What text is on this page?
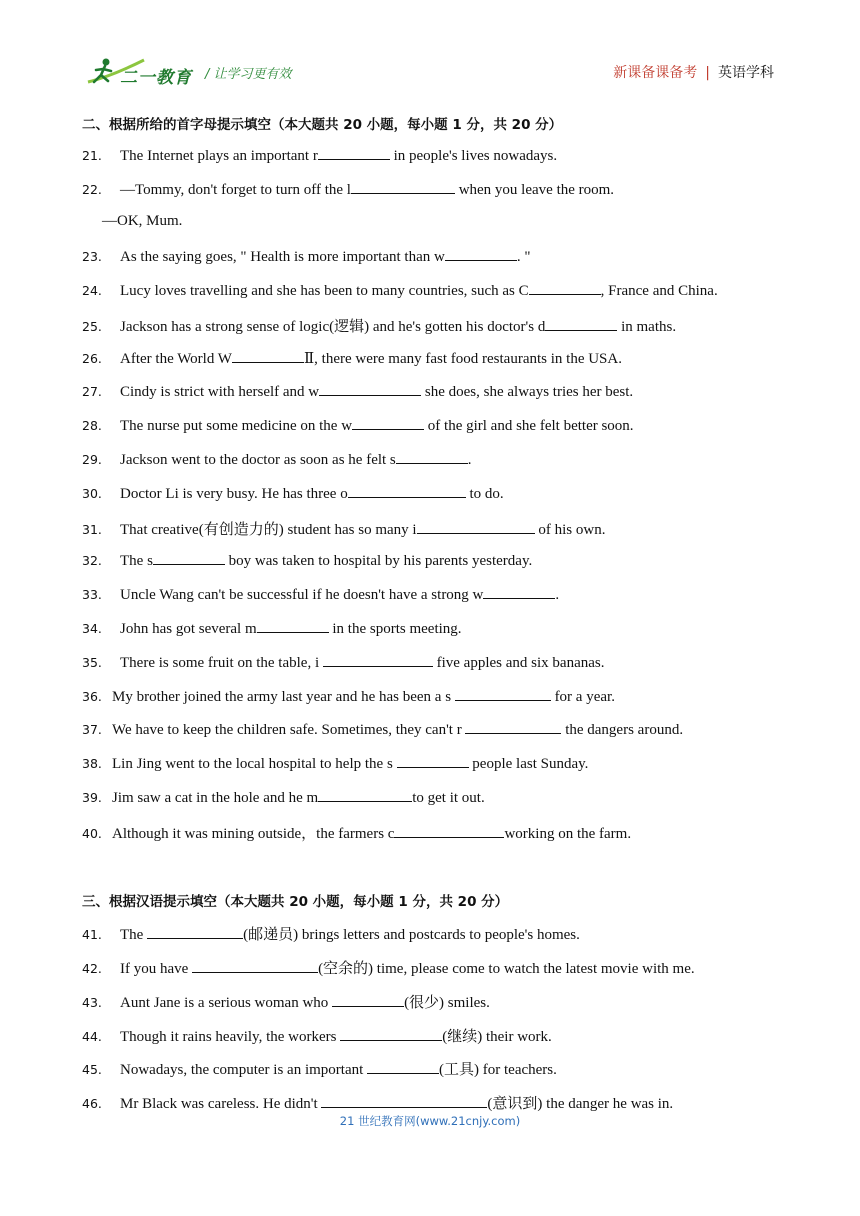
二一教育 / 让学习更有效	新课备课备考 | 英语学科
二、根据所给的首字母提示填空（本大题共 20 小题，每小题 1 分，共 20 分）
21. The Internet plays an important r	in people's lives nowadays.
22. —Tommy, don't forget to turn off the l	when you leave the room.
—OK, Mum.
23. As the saying goes, " Health is more important than w	. "
24. Lucy loves travelling and she has been to many countries, such as C	, France and China.
25. Jackson has a strong sense of logic(逻辑) and he's gotten his doctor's d	in maths.
26. After the World W	Ⅱ, there were many fast food restaurants in the USA.
27. Cindy is strict with herself and w	she does, she always tries her best.
28. The nurse put some medicine on the w	of the girl and she felt better soon.
29. Jackson went to the doctor as soon as he felt s	.
30. Doctor Li is very busy. He has three o	to do.
31. That creative(有创造力的) student has so many i	of his own.
32. The s	boy was taken to hospital by his parents yesterday.
33. Uncle Wang can't be successful if he doesn't have a strong w	.
34. John has got several m	in the sports meeting.
35. There is some fruit on the table, i	five apples and six bananas.
36. My brother joined the army last year and he has been a s	for a year.
37. We have to keep the children safe. Sometimes, they can't r	the dangers around.
38. Lin Jing went to the local hospital to help the s	people last Sunday.
39. Jim saw a cat in the hole and he m	to get it out.
40. Although it was mining outside，the farmers c	working on the farm.
三、根据汉语提示填空（本大题共 20 小题，每小题 1 分，共 20 分）
41. The	(邮递员) brings letters and postcards to people's homes.
42. If you have	(空余的) time, please come to watch the latest movie with me.
43. Aunt Jane is a serious woman who	(很少) smiles.
44. Though it rains heavily, the workers	(继续) their work.
45. Nowadays, the computer is an important	(工具) for teachers.
46. Mr Black was careless. He didn't	(意识到) the danger he was in.
21 世纪教育网(www.21cnjy.com)
